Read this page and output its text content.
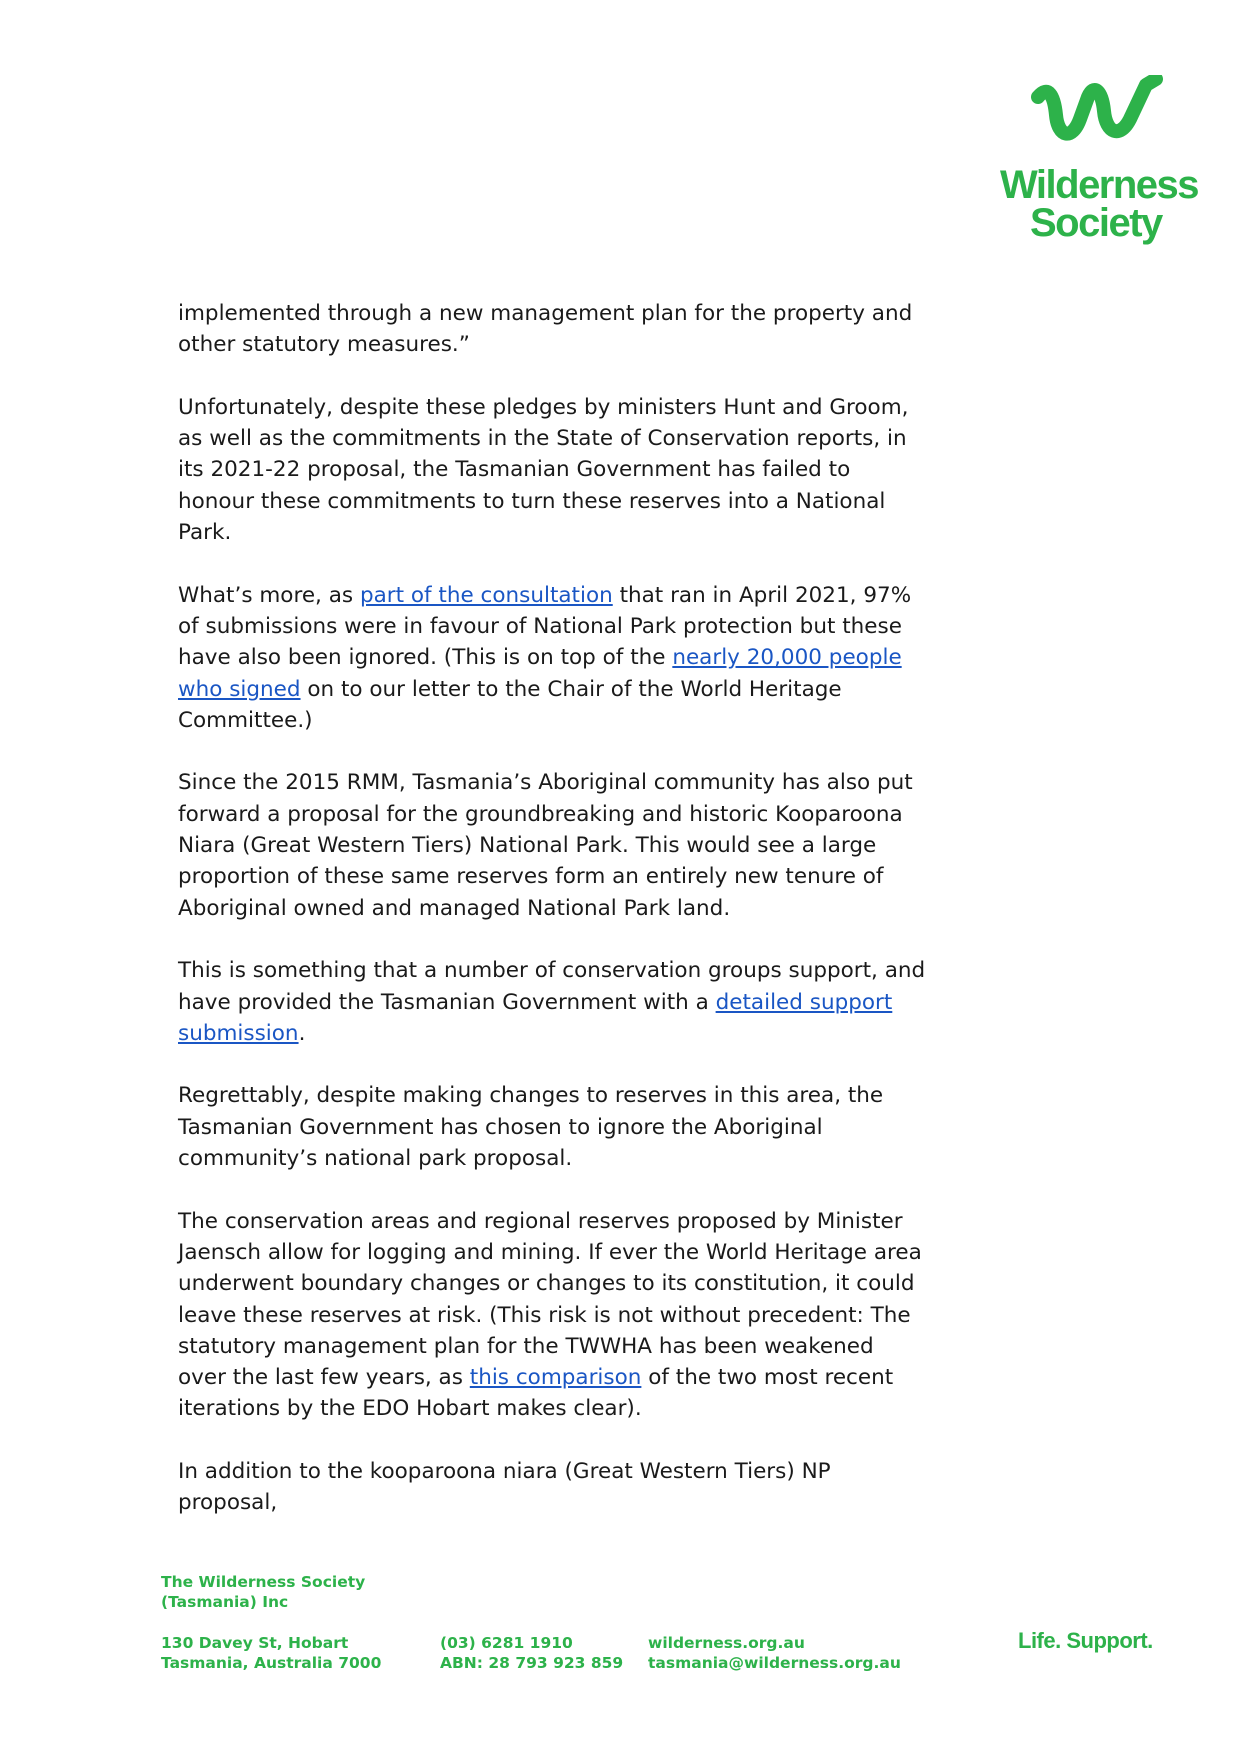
Wilderness
Society

implemented through a new management plan for the property and other statutory measures.”

Unfortunately, despite these pledges by ministers Hunt and Groom, as well as the commitments in the State of Conservation reports, in its 2021-22 proposal, the Tasmanian Government has failed to honour these commitments to turn these reserves into a National Park.

What’s more, as part of the consultation that ran in April 2021, 97% of submissions were in favour of National Park protection but these have also been ignored. (This is on top of the nearly 20,000 people who signed on to our letter to the Chair of the World Heritage Committee.)

Since the 2015 RMM, Tasmania’s Aboriginal community has also put forward a proposal for the groundbreaking and historic Kooparoona Niara (Great Western Tiers) National Park. This would see a large proportion of these same reserves form an entirely new tenure of Aboriginal owned and managed National Park land.

This is something that a number of conservation groups support, and have provided the Tasmanian Government with a detailed support submission.

Regrettably, despite making changes to reserves in this area, the Tasmanian Government has chosen to ignore the Aboriginal community’s national park proposal.

The conservation areas and regional reserves proposed by Minister Jaensch allow for logging and mining. If ever the World Heritage area underwent boundary changes or changes to its constitution, it could leave these reserves at risk. (This risk is not without precedent: The statutory management plan for the TWWHA has been weakened over the last few years, as this comparison of the two most recent iterations by the EDO Hobart makes clear).

In addition to the kooparoona niara (Great Western Tiers) NP proposal,

The Wilderness Society
(Tasmania) Inc
130 Davey St, Hobart
Tasmania, Australia 7000
(03) 6281 1910
ABN: 28 793 923 859
wilderness.org.au
tasmania@wilderness.org.au
Life. Support.
